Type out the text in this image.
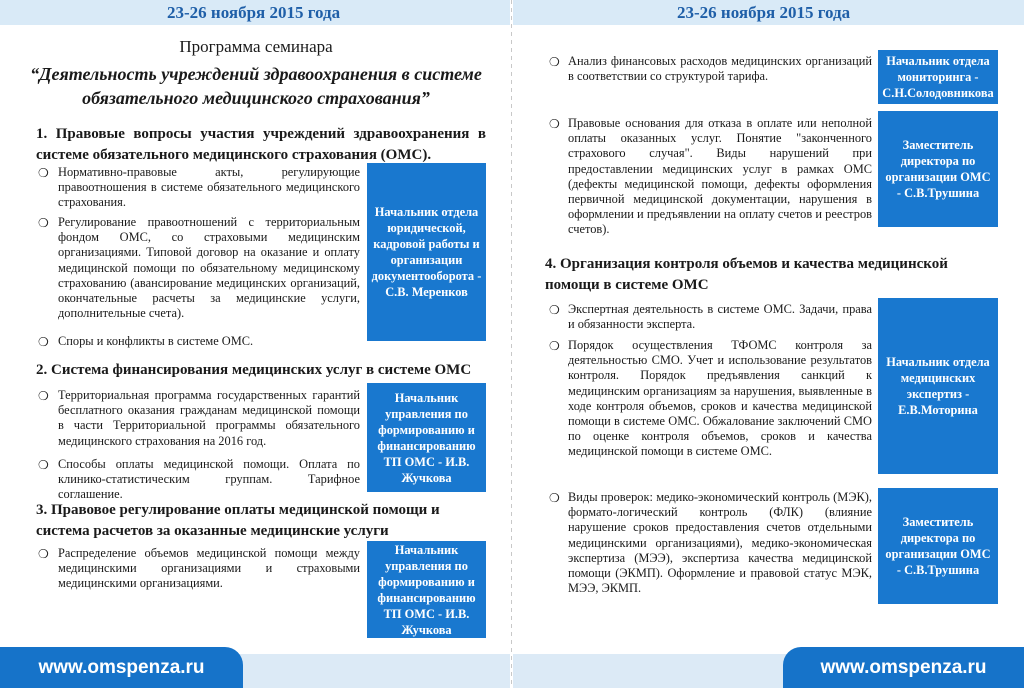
23-26 ноября 2015 года	23-26 ноября 2015 года
Программа семинара
“Деятельность учреждений здравоохранения в системе
обязательного медицинского страхования”
1. Правовые вопросы участия учреждений здравоохранения в системе обязательного медицинского страхования (ОМС).
❍ Нормативно-правовые акты, регулирующие правоотношения в системе обязательного медицинского страхования.
❍ Регулирование правоотношений с территориальным фондом ОМС, со страховыми медицинским организациями. Типовой договор на оказание и оплату медицинской помощи по обязательному медицинскому страхованию (авансирование медицинских организаций, окончательные расчеты за медицинские услуги, дополнительные счета).
❍ Споры и конфликты в системе ОМС.
Начальник отдела юридической, кадровой работы и организации документооборота - С.В. Меренков
2. Система финансирования медицинских услуг в системе ОМС
❍ Территориальная программа государственных гарантий бесплатного оказания гражданам медицинской помощи в части Территориальной программы обязательного медицинского страхования на 2016 год.
❍ Способы оплаты медицинской помощи. Оплата по клинико-статистическим группам. Тарифное соглашение.
Начальник управления по формированию и финансированию ТП ОМС - И.В. Жучкова
3. Правовое регулирование оплаты медицинской помощи и система расчетов за оказанные медицинские услуги
❍ Распределение объемов медицинской помощи между медицинскими организациями и страховыми медицинскими организациями.
Начальник управления по формированию и финансированию ТП ОМС - И.В. Жучкова
❍ Анализ финансовых расходов медицинских организаций в соответствии со структурой тарифа.
Начальник отдела мониторинга - С.Н.Солодовникова
❍ Правовые основания для отказа в оплате или неполной оплаты оказанных услуг. Понятие "законченного страхового случая". Виды нарушений при предоставлении медицинских услуг в рамках ОМС (дефекты медицинской помощи, дефекты оформления первичной медицинской документации, нарушения в оформлении и предъявлении на оплату счетов и реестров счетов).
Заместитель директора по организации ОМС - С.В.Трушина
4. Организация контроля объемов и качества медицинской помощи в системе ОМС
❍ Экспертная деятельность в системе ОМС. Задачи, права и обязанности эксперта.
❍ Порядок осуществления ТФОМС контроля за деятельностью СМО. Учет и использование результатов контроля. Порядок предъявления санкций к медицинским организациям за нарушения, выявленные в ходе контроля объемов, сроков и качества медицинской помощи в системе ОМС. Обжалование заключений СМО по оценке контроля объемов, сроков и качества медицинской помощи в системе ОМС.
Начальник отдела медицинских экспертиз - Е.В.Моторина
❍ Виды проверок: медико-экономический контроль (МЭК), формато-логический контроль (ФЛК) (влияние нарушение сроков предоставления счетов отдельными медицинскими организациями), медико-экономическая экспертиза (МЭЭ), экспертиза качества медицинской помощи (ЭКМП). Оформление и правовой статус МЭК, МЭЭ, ЭКМП.
Заместитель директора по организации ОМС - С.В.Трушина
www.omspenza.ru	www.omspenza.ru
